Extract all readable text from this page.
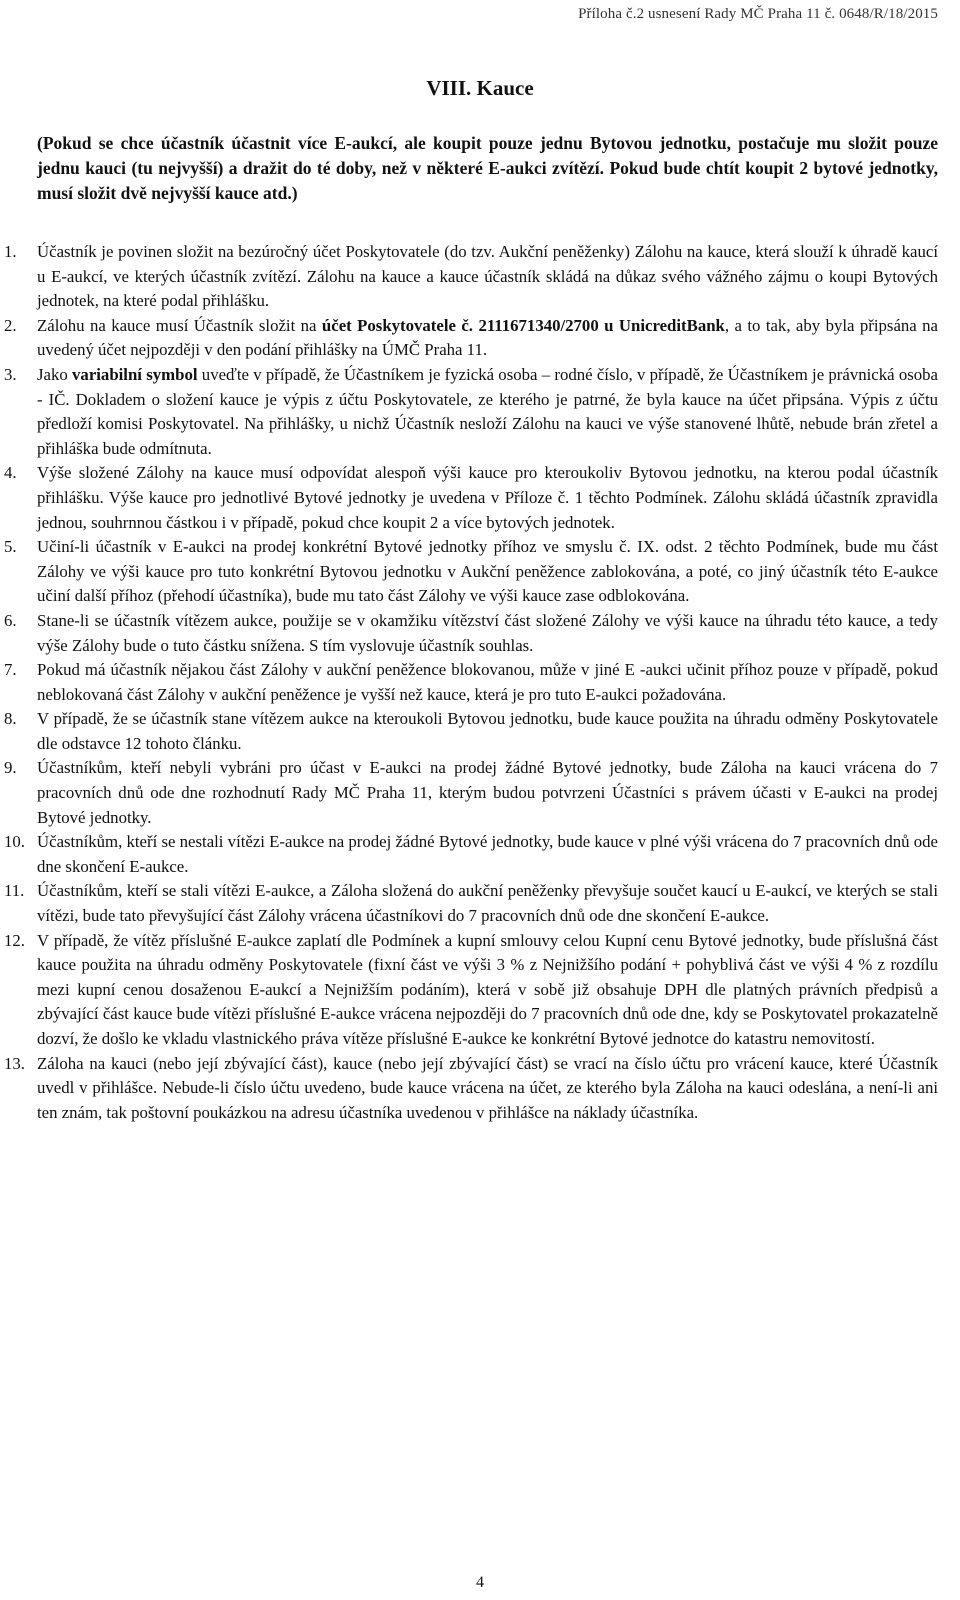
Příloha č.2 usnesení Rady MČ Praha 11 č. 0648/R/18/2015
VIII. Kauce
(Pokud se chce účastník účastnit více E-aukcí, ale koupit pouze jednu Bytovou jednotku, postačuje mu složit pouze jednu kauci (tu nejvyšší) a dražit do té doby, než v některé E-aukci zvítězí. Pokud bude chtít koupit 2 bytové jednotky, musí složit dvě nejvyšší kauce atd.)

1.	Účastník je povinen složit na bezúročný účet Poskytovatele (do tzv. Aukční peněženky) Zálohu na kauce, která slouží k úhradě kaucí u E-aukcí, ve kterých účastník zvítězí. Zálohu na kauce a kauce účastník skládá na důkaz svého vážného zájmu o koupi Bytových jednotek, na které podal přihlášku.

2.	Zálohu na kauce musí Účastník složit na účet Poskytovatele č. 2111671340/2700 u UnicreditBank, a to tak, aby byla připsána na uvedený účet nejpozději v den podání přihlášky na ÚMČ Praha 11.

3.	Jako variabilní symbol uveďte v případě, že Účastníkem je fyzická osoba – rodné číslo, v případě, že Účastníkem je právnická osoba - IČ. Dokladem o složení kauce je výpis z účtu Poskytovatele, ze kterého je patrné, že byla kauce na účet připsána. Výpis z účtu předloží komisi Poskytovatel. Na přihlášky, u nichž Účastník nesloží Zálohu na kauci ve výše stanovené lhůtě, nebude brán zřetel a přihláška bude odmítnuta.

4.	Výše složené Zálohy na kauce musí odpovídat alespoň výši kauce pro kteroukoliv Bytovou jednotku, na kterou podal účastník přihlášku. Výše kauce pro jednotlivé Bytové jednotky je uvedena v Příloze č. 1 těchto Podmínek. Zálohu skládá účastník zpravidla jednou, souhrnnou částkou i v případě, pokud chce koupit 2 a více bytových jednotek.

5.	Učiní-li účastník v E-aukci na prodej konkrétní Bytové jednotky příhoz ve smyslu č. IX. odst. 2 těchto Podmínek, bude mu část Zálohy ve výši kauce pro tuto konkrétní Bytovou jednotku v Aukční peněžence zablokována, a poté, co jiný účastník této E-aukce učiní další příhoz (přehodí účastníka), bude mu tato část Zálohy ve výši kauce zase odblokována.

6.	Stane-li se účastník vítězem aukce, použije se v okamžiku vítězství část složené Zálohy ve výši kauce na úhradu této kauce, a tedy výše Zálohy bude o tuto částku snížena. S tím vyslovuje účastník souhlas.

7.	Pokud má účastník nějakou část Zálohy v aukční peněžence blokovanou, může v jiné E -aukci učinit příhoz pouze v případě, pokud neblokovaná část Zálohy v aukční peněžence je vyšší než kauce, která je pro tuto E-aukci požadována.

8.	V případě, že se účastník stane vítězem aukce na kteroukoli Bytovou jednotku, bude kauce použita na úhradu odměny Poskytovatele dle odstavce 12 tohoto článku.

9.	Účastníkům, kteří nebyli vybráni pro účast v E-aukci na prodej žádné Bytové jednotky, bude Záloha na kauci vrácena do 7 pracovních dnů ode dne rozhodnutí Rady MČ Praha 11, kterým budou potvrzeni Účastníci s právem účasti v E-aukci na prodej Bytové jednotky.

10. Účastníkům, kteří se nestali vítězi E-aukce na prodej žádné Bytové jednotky, bude kauce v plné výši vrácena do 7 pracovních dnů ode dne skončení E-aukce.

11. Účastníkům, kteří se stali vítězi E-aukce, a Záloha složená do aukční peněženky převyšuje součet kaucí u E-aukcí, ve kterých se stali vítězi, bude tato převyšující část Zálohy vrácena účastníkovi do 7 pracovních dnů ode dne skončení E-aukce.

12. V případě, že vítěz příslušné E-aukce zaplatí dle Podmínek a kupní smlouvy celou Kupní cenu Bytové jednotky, bude příslušná část kauce použita na úhradu odměny Poskytovatele (fixní část ve výši 3 % z Nejnižšího podání + pohyblivá část ve výši 4 % z rozdílu mezi kupní cenou dosaženou E-aukcí a Nejnižším podáním), která v sobě již obsahuje DPH dle platných právních předpisů a zbývající část kauce bude vítězi příslušné E-aukce vrácena nejpozději do 7 pracovních dnů ode dne, kdy se Poskytovatel prokazatelně dozví, že došlo ke vkladu vlastnického práva vítěze příslušné E-aukce ke konkrétní Bytové jednotce do katastru nemovitostí.

13. Záloha na kauci (nebo její zbývající část), kauce (nebo její zbývající část) se vrací na číslo účtu pro vrácení kauce, které Účastník uvedl v přihlášce. Nebude-li číslo účtu uvedeno, bude kauce vrácena na účet, ze kterého byla Záloha na kauci odeslána, a není-li ani ten znám, tak poštovní poukázkou na adresu účastníka uvedenou v přihlášce na náklady účastníka.

4
